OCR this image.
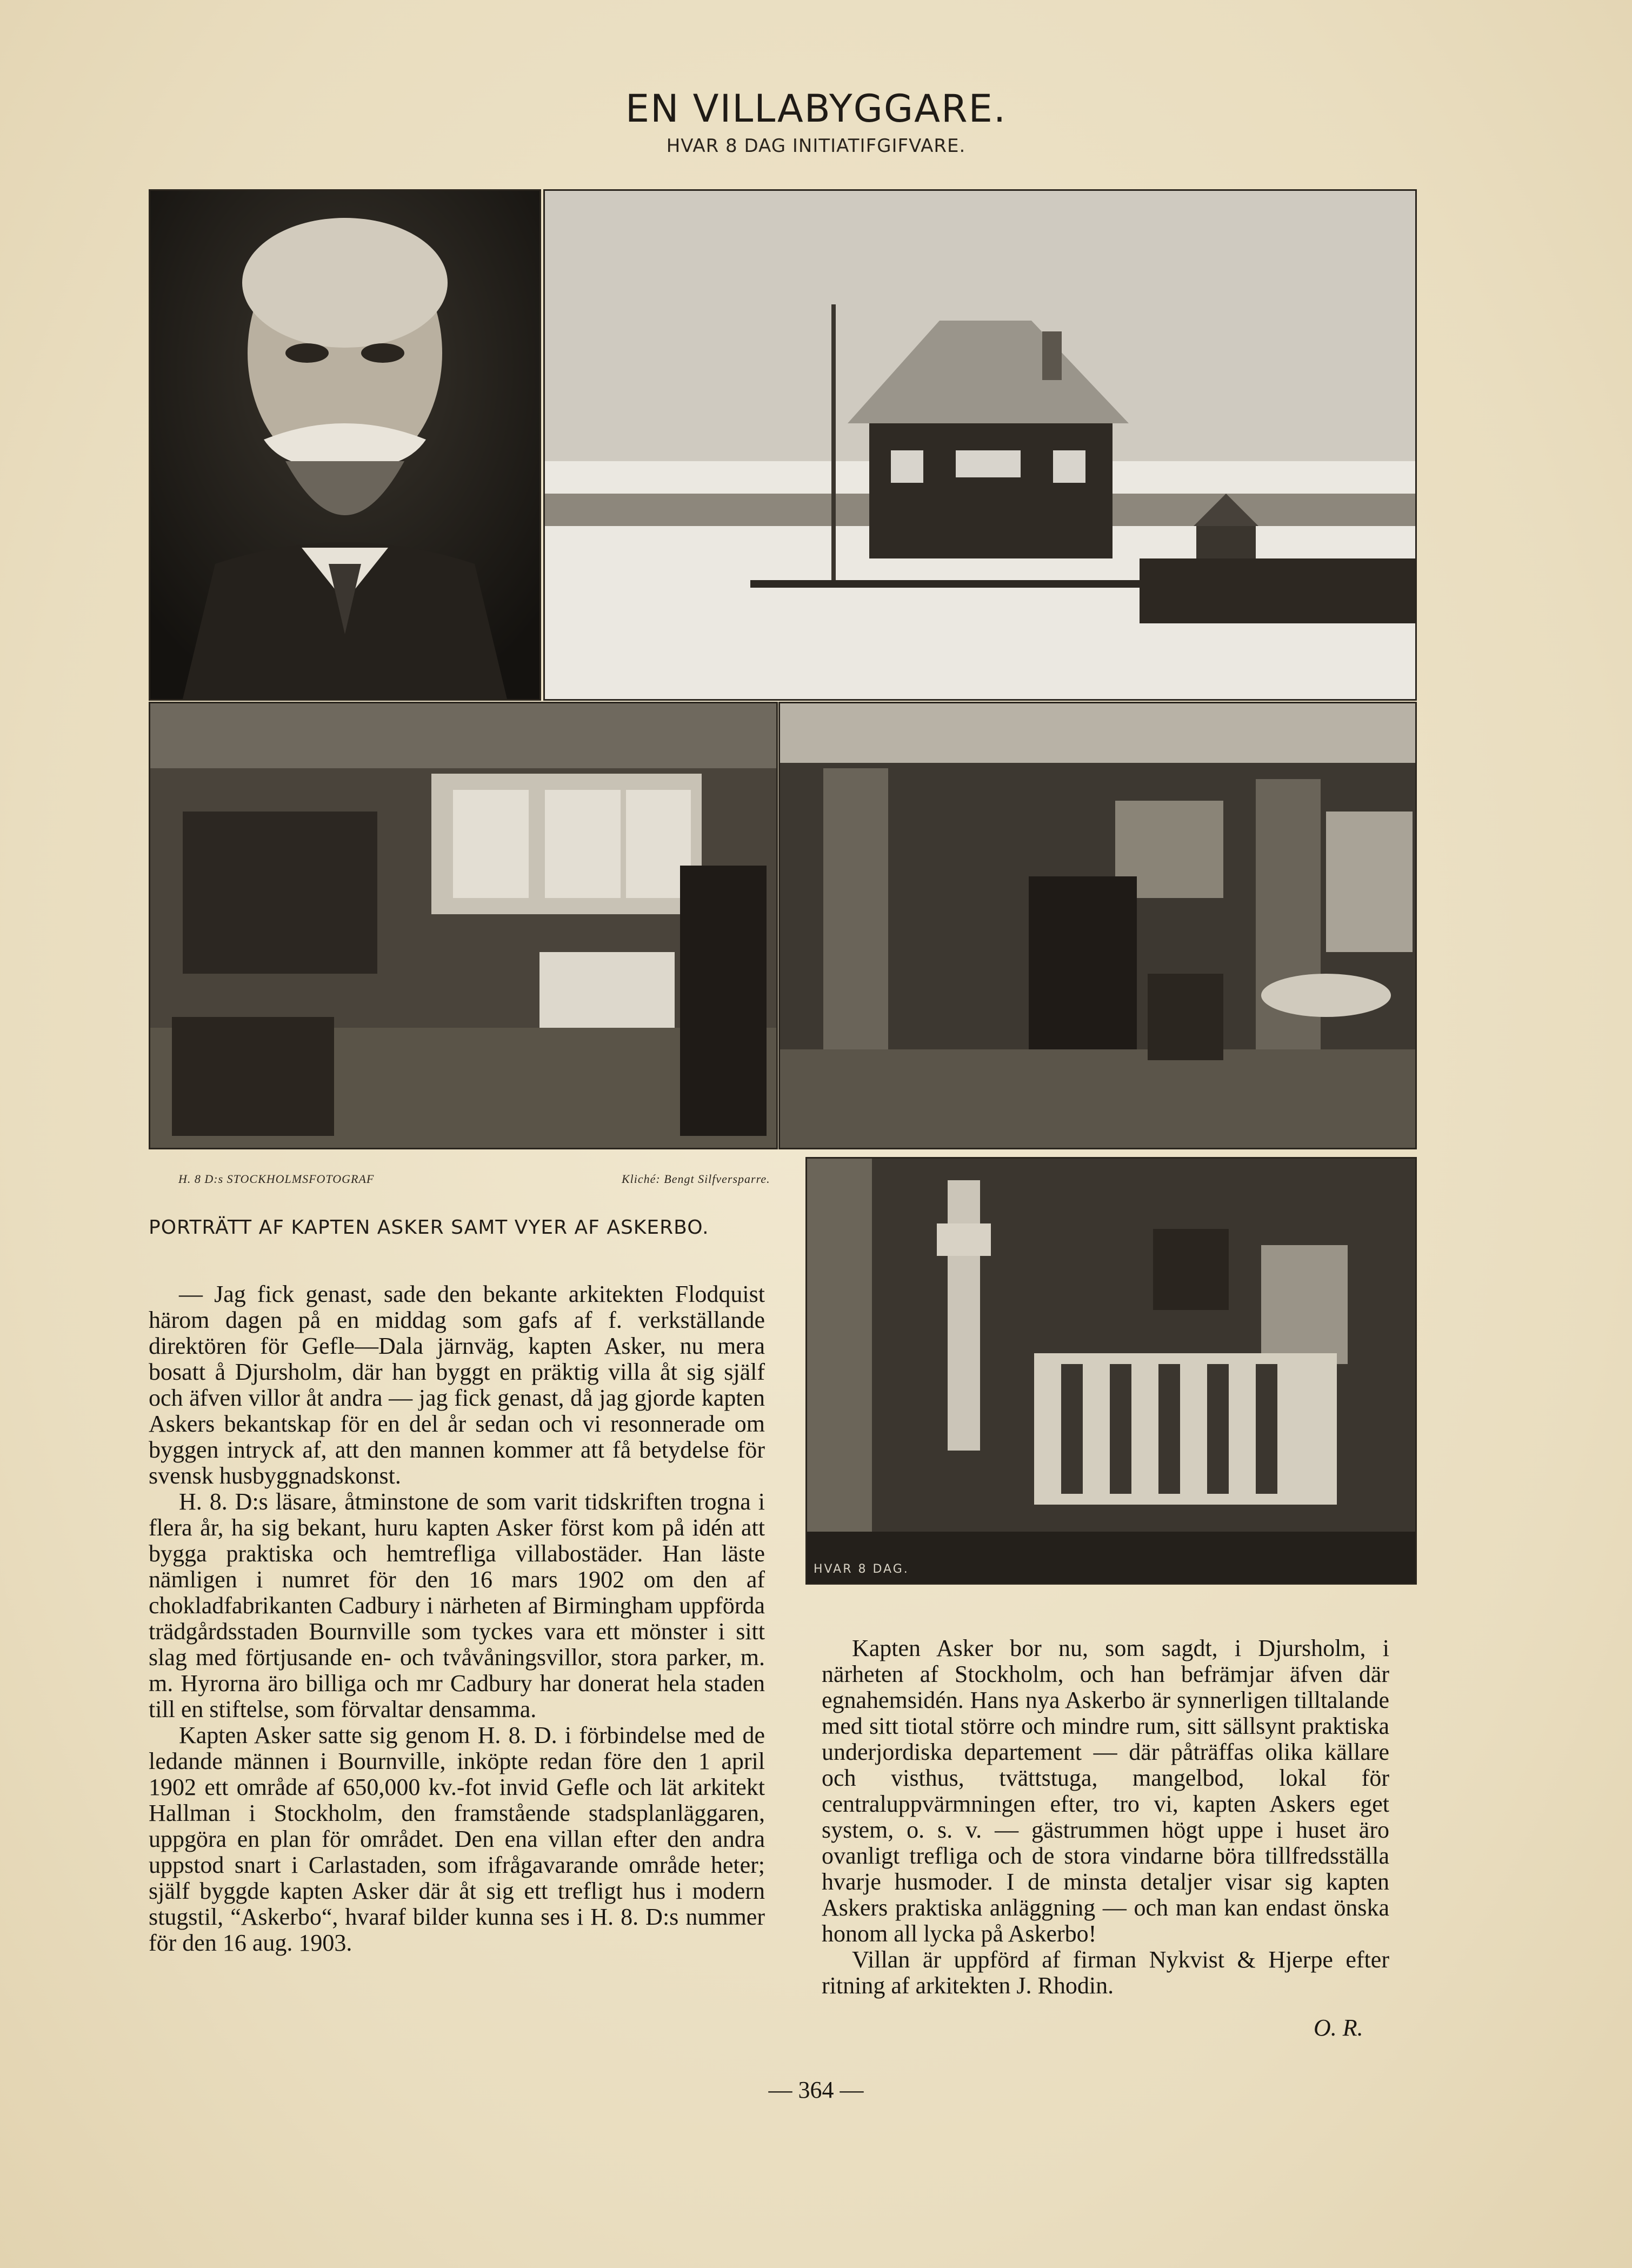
EN VILLABYGGARE.
HVAR 8 DAG INITIATIFGIFVARE.
HVAR 8 DAG.
H. 8 D:s STOCKHOLMSFOTOGRAF	Kliché: Bengt Silfversparre.
PORTRÄTT AF KAPTEN ASKER SAMT VYER AF ASKERBO.

— Jag fick genast, sade den bekante arkitekten Flodquist härom dagen på en middag som gafs af f. verkställande direktören för Gefle—Dala järnväg, kapten Asker, nu mera bosatt å Djursholm, där han byggt en präktig villa åt sig själf och äfven villor åt andra — jag fick genast, då jag gjorde kapten Askers bekantskap för en del år sedan och vi resonnerade om byggen intryck af, att den mannen kommer att få betydelse för svensk husbyggnadskonst.

H. 8. D:s läsare, åtminstone de som varit tidskriften trogna i flera år, ha sig bekant, huru kapten Asker först kom på idén att bygga praktiska och hemtrefliga villabostäder. Han läste nämligen i numret för den 16 mars 1902 om den af chokladfabrikanten Cadbury i närheten af Birmingham uppförda trädgårdsstaden Bournville som tyckes vara ett mönster i sitt slag med förtjusande en- och tvåvåningsvillor, stora parker, m. m. Hyrorna äro billiga och mr Cadbury har donerat hela staden till en stiftelse, som förvaltar densamma.

Kapten Asker satte sig genom H. 8. D. i förbindelse med de ledande männen i Bournville, inköpte redan före den 1 april 1902 ett område af 650,000 kv.-fot invid Gefle och lät arkitekt Hallman i Stockholm, den framstående stadsplanläggaren, uppgöra en plan för området. Den ena villan efter den andra uppstod snart i Carlastaden, som ifrågavarande område heter; själf byggde kapten Asker där åt sig ett trefligt hus i modern stugstil, “Askerbo“, hvaraf bilder kunna ses i H. 8. D:s nummer för den 16 aug. 1903.

Kapten Asker bor nu, som sagdt, i Djursholm, i närheten af Stockholm, och han befrämjar äfven där egnahemsidén. Hans nya Askerbo är synnerligen tilltalande med sitt tiotal större och mindre rum, sitt sällsynt praktiska underjordiska departement — där påträffas olika källare och visthus, tvättstuga, mangelbod, lokal för centraluppvärmningen efter, tro vi, kapten Askers eget system, o. s. v. — gästrummen högt uppe i huset äro ovanligt trefliga och de stora vindarne böra tillfredsställa hvarje husmoder. I de minsta detaljer visar sig kapten Askers praktiska anläggning — och man kan endast önska honom all lycka på Askerbo!

Villan är uppförd af firman Nykvist & Hjerpe efter ritning af arkitekten J. Rhodin.

O. R.
— 364 —
